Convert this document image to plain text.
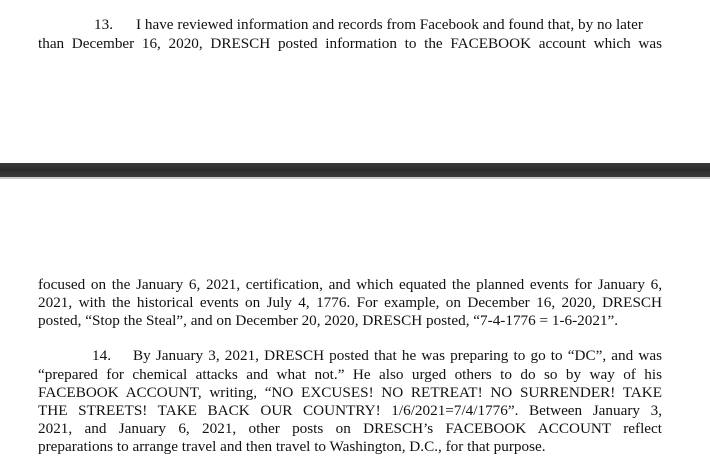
13. I have reviewed information and records from Facebook and found that, by no later
than December 16, 2020, DRESCH posted information to the FACEBOOK account which was
focused on the January 6, 2021, certification, and which equated the planned events for January 6,
2021, with the historical events on July 4, 1776. For example, on December 16, 2020, DRESCH
posted, “Stop the Steal”, and on December 20, 2020, DRESCH posted, “7-4-1776 = 1-6-2021”.
14. By January 3, 2021, DRESCH posted that he was preparing to go to “DC”, and was
“prepared for chemical attacks and what not.” He also urged others to do so by way of his
FACEBOOK ACCOUNT, writing, “NO EXCUSES! NO RETREAT! NO SURRENDER! TAKE
THE STREETS! TAKE BACK OUR COUNTRY! 1/6/2021=7/4/1776”. Between January 3,
2021, and January 6, 2021, other posts on DRESCH’s FACEBOOK ACCOUNT reflect
preparations to arrange travel and then travel to Washington, D.C., for that purpose.
